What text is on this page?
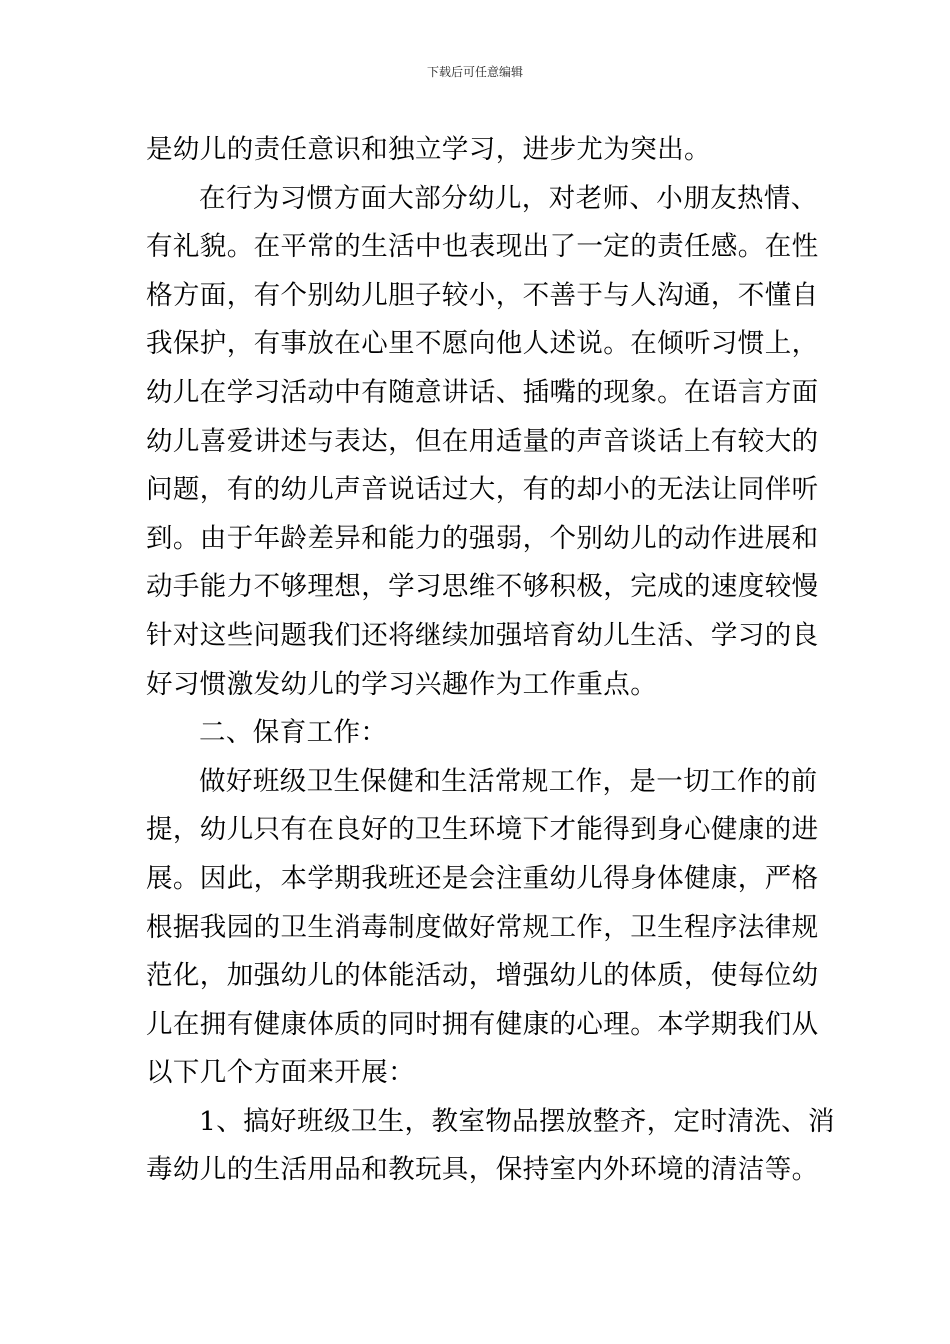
下载后可任意编辑
是幼儿的责任意识和独立学习，进步尤为突出。
在行为习惯方面大部分幼儿，对老师、小朋友热情、
有礼貌。在平常的生活中也表现出了一定的责任感。在性
格方面，有个别幼儿胆子较小，不善于与人沟通，不懂自
我保护，有事放在心里不愿向他人述说。在倾听习惯上，
幼儿在学习活动中有随意讲话、插嘴的现象。在语言方面
幼儿喜爱讲述与表达，但在用适量的声音谈话上有较大的
问题，有的幼儿声音说话过大，有的却小的无法让同伴听
到。由于年龄差异和能力的强弱，个别幼儿的动作进展和
动手能力不够理想，学习思维不够积极，完成的速度较慢
针对这些问题我们还将继续加强培育幼儿生活、学习的良
好习惯激发幼儿的学习兴趣作为工作重点。
二、保育工作：
做好班级卫生保健和生活常规工作，是一切工作的前
提，幼儿只有在良好的卫生环境下才能得到身心健康的进
展。因此，本学期我班还是会注重幼儿得身体健康，严格
根据我园的卫生消毒制度做好常规工作，卫生程序法律规
范化，加强幼儿的体能活动，增强幼儿的体质，使每位幼
儿在拥有健康体质的同时拥有健康的心理。本学期我们从
以下几个方面来开展：
1、搞好班级卫生，教室物品摆放整齐，定时清洗、消
毒幼儿的生活用品和教玩具，保持室内外环境的清洁等。
